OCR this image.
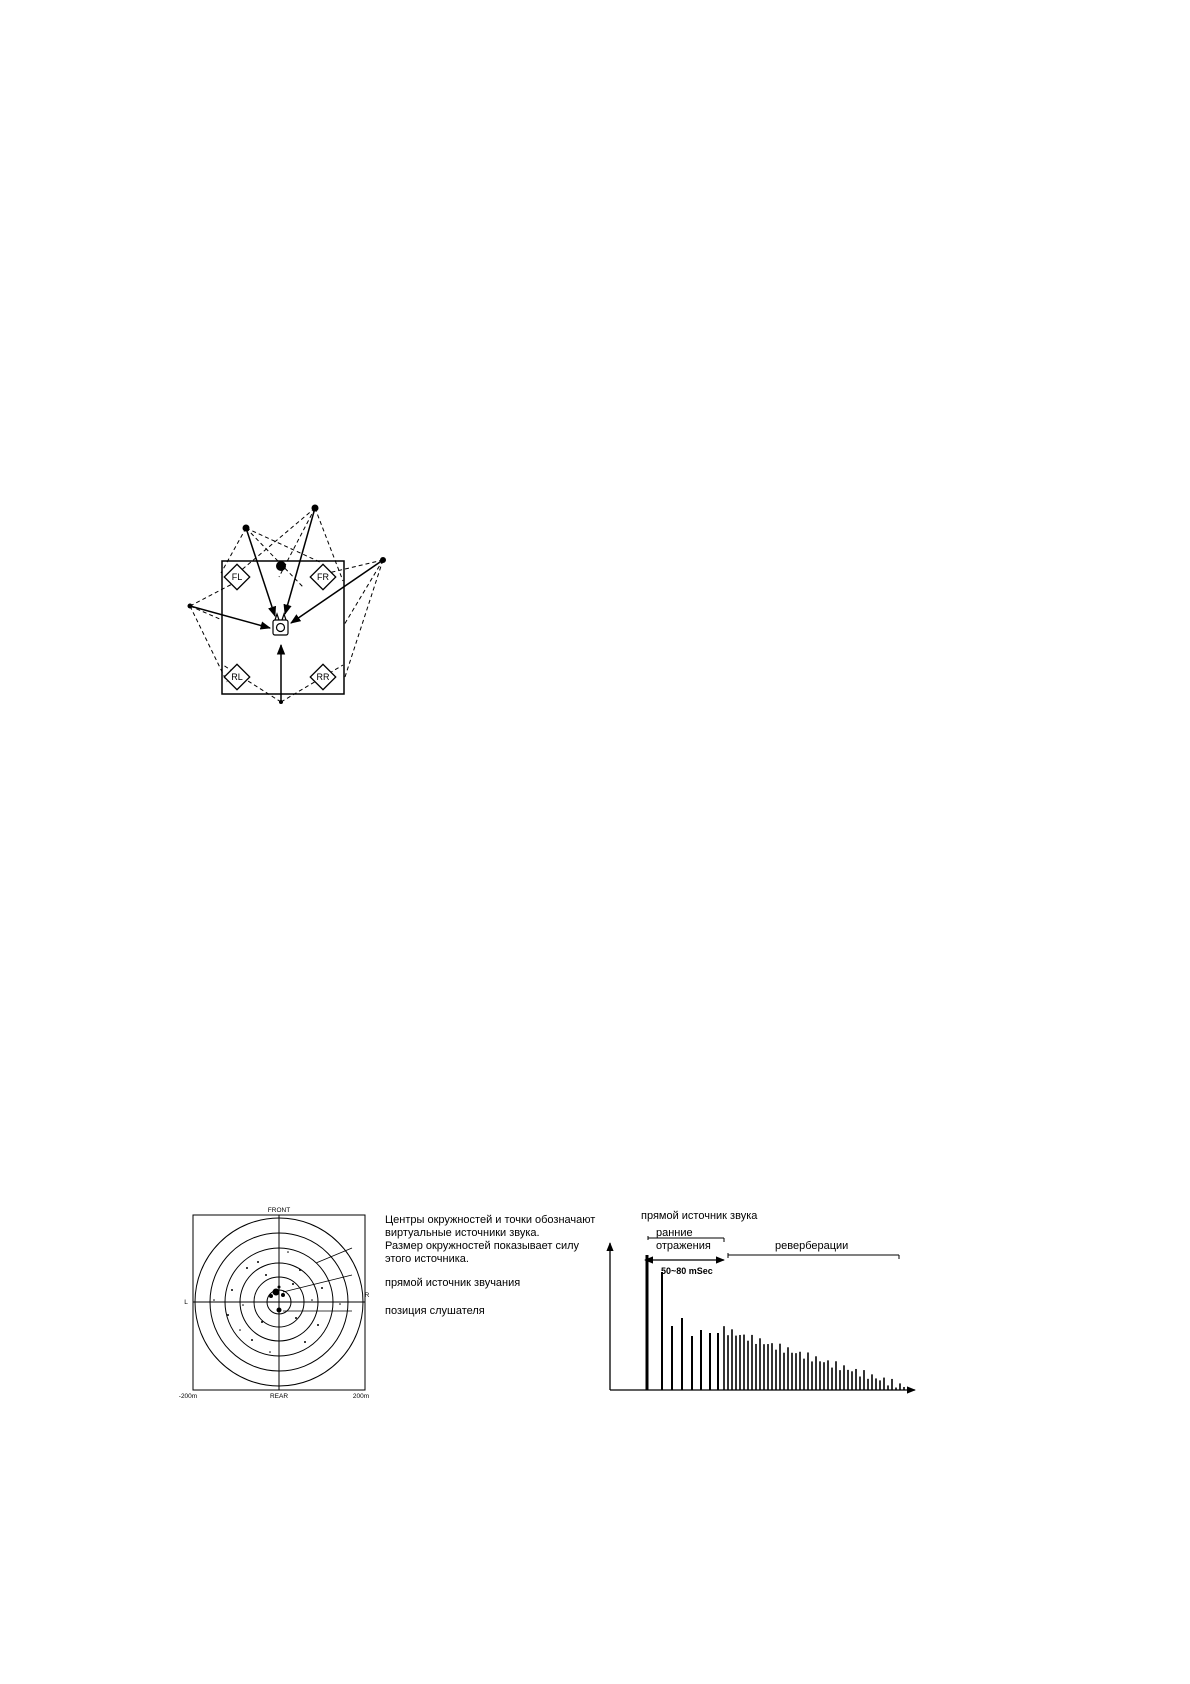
FL	FR
RL	RR
FRONT
REAR
L
R
-200m	200m
Центры окружностей и точки обозначают
виртуальные источники звука.
Размер окружностей показывает силу
этого источника.
прямой источник звучания
позиция слушателя
50~80 mSec
прямой источник звука
ранние
отражения	реверберации
